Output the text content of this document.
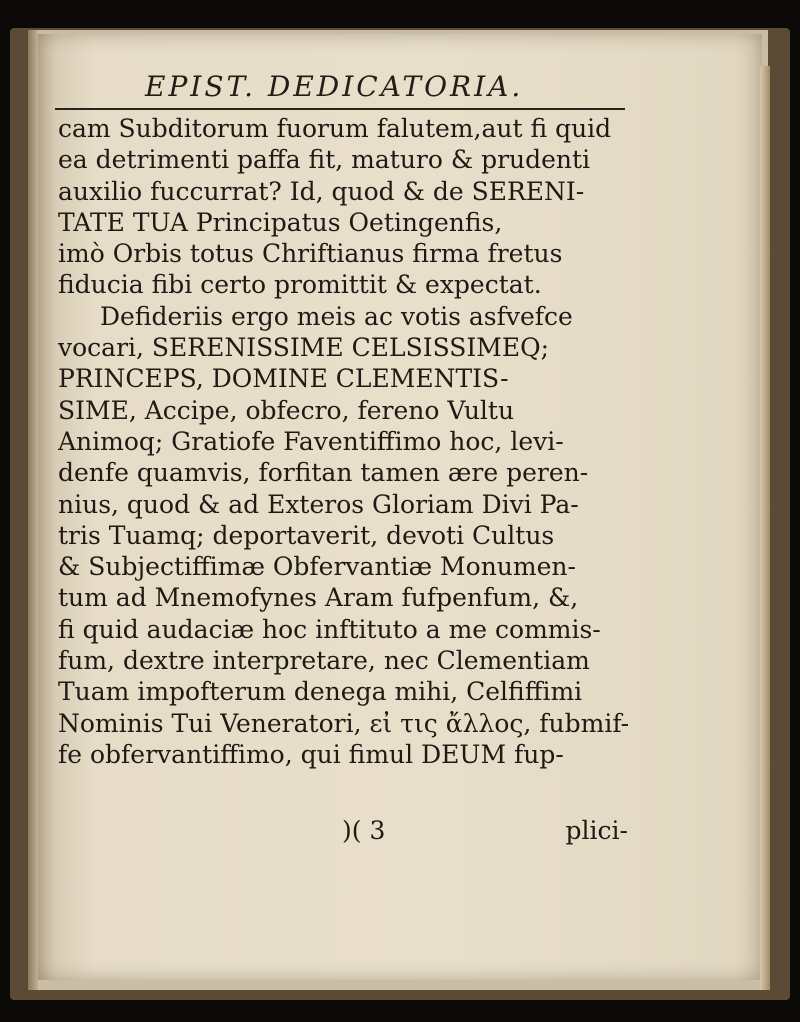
EPIST. DEDICATORIA.
cam Subditorum fuorum falutem,aut fi quid
ea detrimenti paffa fit, maturo & prudenti
auxilio fuccurrat? Id, quod & de SERENI-
TATE TUA Principatus Oetingenfis,
imò Orbis totus Chriftianus firma fretus
fiducia fibi certo promittit & expectat.
Defideriis ergo meis ac votis asfvefce
vocari, SERENISSIME CELSISSIMEQ;
PRINCEPS, DOMINE CLEMENTIS-
SIME, Accipe, obfecro, fereno Vultu
Animoq; Gratiofe Faventiffimo hoc, levi-
denfe quamvis, forfitan tamen ære peren-
nius, quod & ad Exteros Gloriam Divi Pa-
tris Tuamq; deportaverit, devoti Cultus
& Subjectiffimæ Obfervantiæ Monumen-
tum ad Mnemofynes Aram fufpenfum, &,
fi quid audaciæ hoc inftituto a me commis-
fum, dextre interpretare, nec Clementiam
Tuam impofterum denega mihi, Celfiffimi
Nominis Tui Veneratori, εἰ τις ἄλλος, fubmif-
fe obfervantiffimo, qui fimul DEUM fup-
)( 3	plici-
